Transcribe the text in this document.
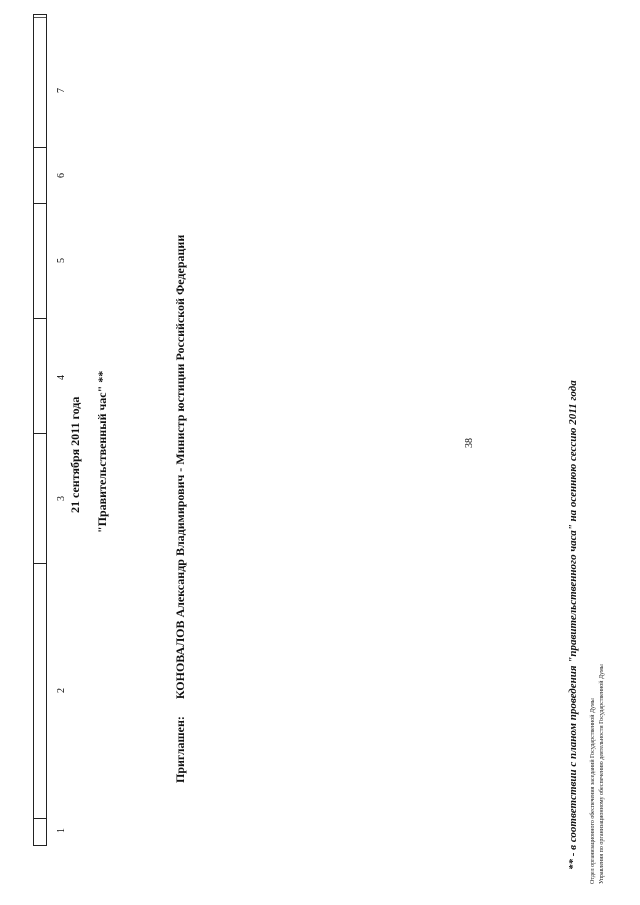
38
1
2
3
4
5
6
7
21 сентября 2011 года "Правительственный час" **
Приглашен: КОНОВАЛОВ Александр Владимирович - Министр юстиции Российской Федерации	** - в соответствии с планом проведения "правительственного часа" на осеннюю сессию 2011 года Отдел организационного обеспечения заседаний Государственной Думы Управления по организационному обеспечению деятельности Государственной Думы
